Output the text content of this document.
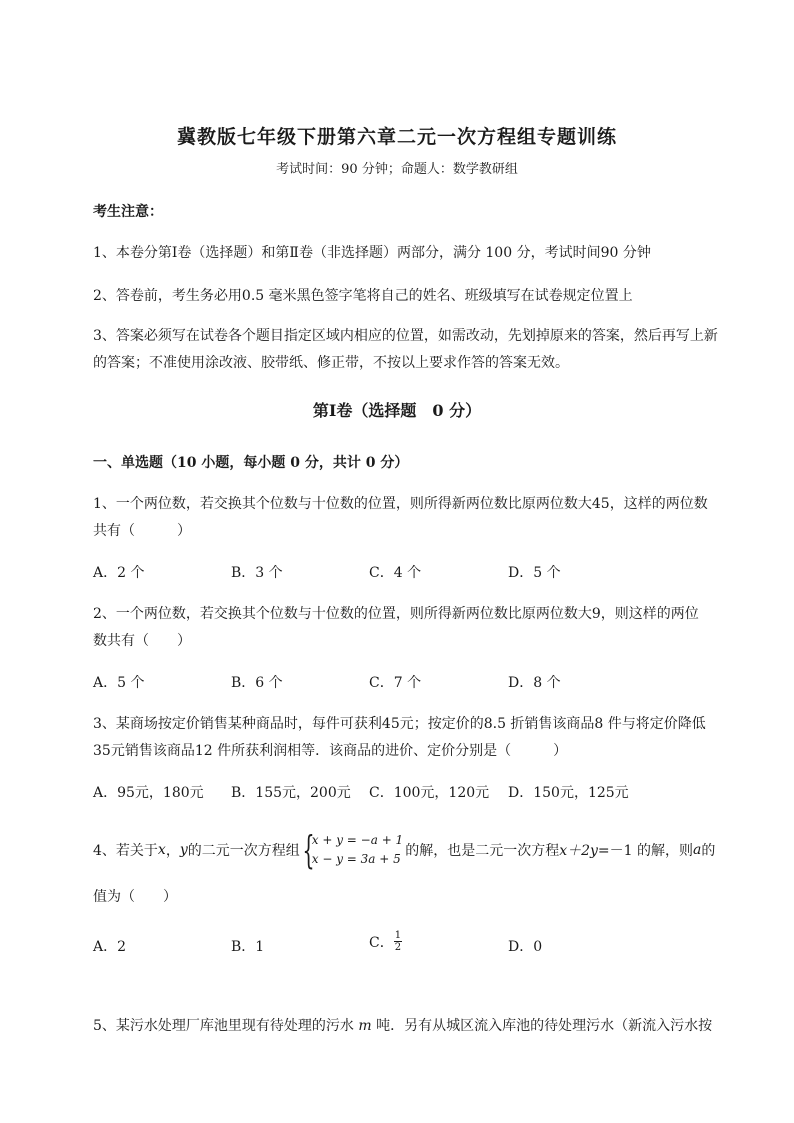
冀教版七年级下册第六章二元一次方程组专题训练
考试时间：90 分钟；命题人：数学教研组
考生注意：
1、本卷分第Ⅰ卷（选择题）和第Ⅱ卷（非选择题）两部分，满分 100 分，考试时间90 分钟
2、答卷前，考生务必用0.5 毫米黑色签字笔将自己的姓名、班级填写在试卷规定位置上
3、答案必须写在试卷各个题目指定区域内相应的位置，如需改动，先划掉原来的答案，然后再写上新
的答案；不准使用涂改液、胶带纸、修正带，不按以上要求作答的答案无效。
第Ⅰ卷（选择题　0 分）
一、单选题（10 小题，每小题 0 分，共计 0 分）
1、一个两位数，若交换其个位数与十位数的位置，则所得新两位数比原两位数大45，这样的两位数
共有（　　　）
A．2 个	B．3 个	C．4 个	D．5 个
2、一个两位数，若交换其个位数与十位数的位置，则所得新两位数比原两位数大9，则这样的两位
数共有（　　）
A．5 个	B．6 个	C．7 个	D．8 个
3、某商场按定价销售某种商品时，每件可获利45元；按定价的8.5 折销售该商品8 件与将定价降低
35元销售该商品12 件所获利润相等．该商品的进价、定价分别是（　　　）
A．95元，180元 B．155元，200元 C．100元，120元 D．150元，125元
4、若关于 x ， y 的二元一次方程组 {
x + y = −a + 1
x − y = 3a + 5 的解，也是二元一次方程 x＋2y =－1 的解，则 a 的
值为（　　）
A．2	B．1	C． $\frac{1}{2}$	D．0
5、某污水处理厂库池里现有待处理的污水 m 吨．另有从城区流入库池的待处理污水（新流入污水按
